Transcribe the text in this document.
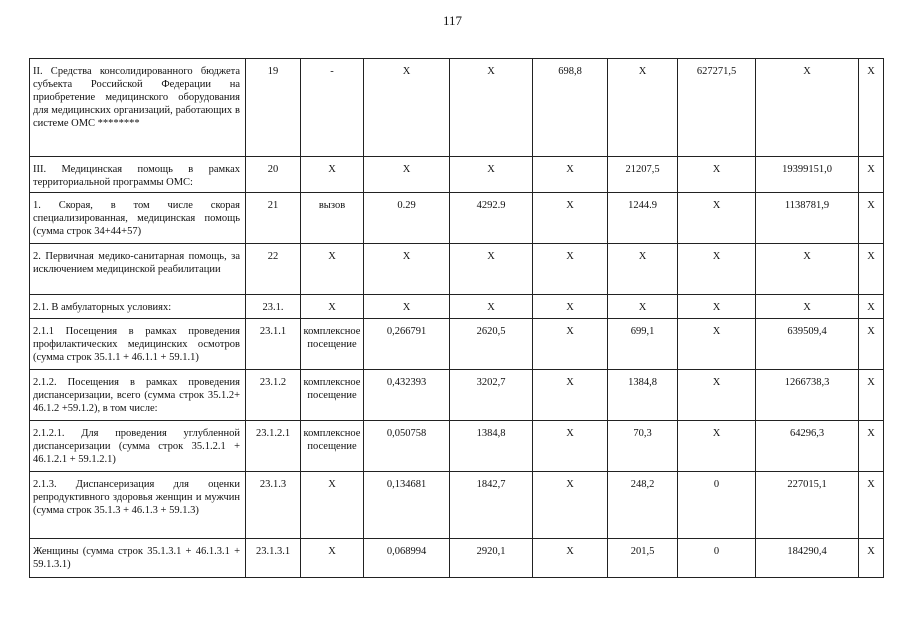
117
II. Средства консолидированного бюджета субъекта Российской Федерации на приобретение медицинского оборудования для медицинских организаций, работающих в системе ОМС ********	19	-	X	X	698,8	X	627271,5	X	X
III. Медицинская помощь в рамках территориальной программы ОМС:	20	X	X	X	X	21207,5	X	19399151,0	X
1. Скорая, в том числе скорая специализированная, медицинская помощь (сумма строк 34+44+57)	21	вызов	0.29	4292.9	X	1244.9	X	1138781,9	X
2. Первичная медико-санитарная помощь, за исключением медицинской реабилитации	22	X	X	X	X	X	X	X	X
2.1. В амбулаторных условиях:	23.1.	X	X	X	X	X	X	X	X
2.1.1 Посещения в рамках проведения профилактических медицинских осмотров (сумма строк 35.1.1 + 46.1.1 + 59.1.1)	23.1.1	комплексное посещение	0,266791	2620,5	X	699,1	X	639509,4	X
2.1.2. Посещения в рамках проведения диспансеризации, всего (сумма строк 35.1.2+ 46.1.2 +59.1.2), в том числе:	23.1.2	комплексное посещение	0,432393	3202,7	X	1384,8	X	1266738,3	X
2.1.2.1. Для проведения углубленной диспансеризации (сумма строк 35.1.2.1 + 46.1.2.1 + 59.1.2.1)	23.1.2.1	комплексное посещение	0,050758	1384,8	X	70,3	X	64296,3	X
2.1.3. Диспансеризация для оценки репродуктивного здоровья женщин и мужчин (сумма строк 35.1.3 + 46.1.3 + 59.1.3)	23.1.3	X	0,134681	1842,7	X	248,2	0	227015,1	X
Женщины (сумма строк 35.1.3.1 + 46.1.3.1 + 59.1.3.1)	23.1.3.1	X	0,068994	2920,1	X	201,5	0	184290,4	X
